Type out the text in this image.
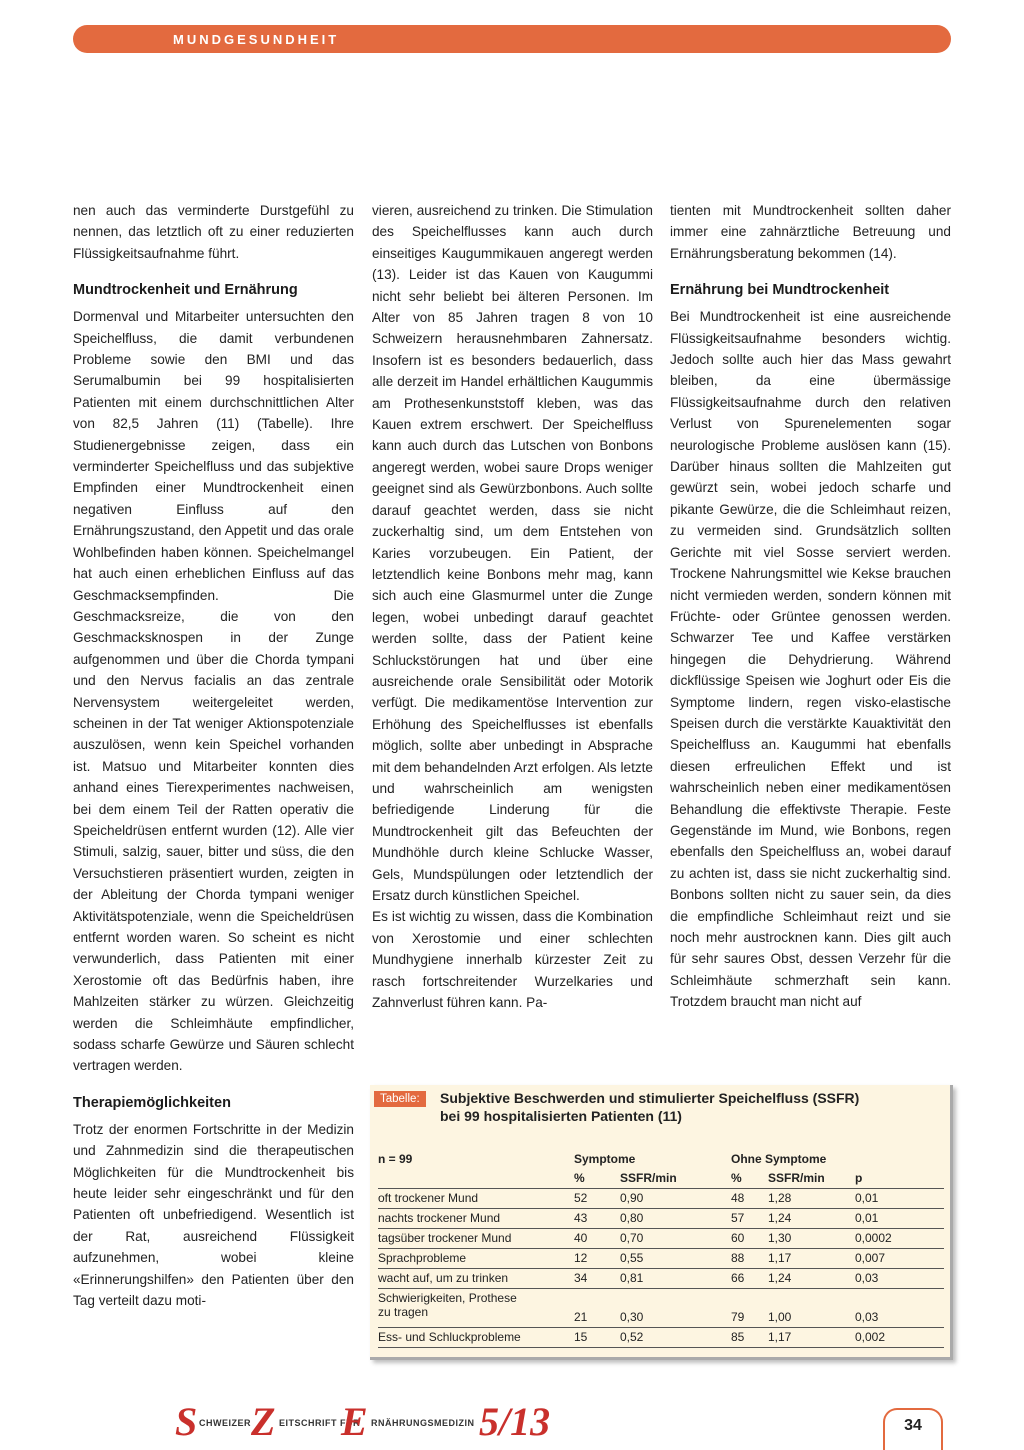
MUNDGESUNDHEIT

nen auch das verminderte Durstgefühl zu nennen, das letztlich oft zu einer reduzierten Flüssigkeitsaufnahme führt.

Mundtrockenheit und Ernährung

Dormenval und Mitarbeiter untersuchten den Speichelfluss, die damit verbundenen Probleme sowie den BMI und das Serumalbumin bei 99 hospitalisierten Patienten mit einem durchschnittlichen Alter von 82,5 Jahren (11) (Tabelle). Ihre Studienergebnisse zeigen, dass ein verminderter Speichelfluss und das subjektive Empfinden einer Mundtrockenheit einen negativen Einfluss auf den Ernährungszustand, den Appetit und das orale Wohlbefinden haben können. Speichelmangel hat auch einen erheblichen Einfluss auf das Geschmacksempfinden. Die Geschmacksreize, die von den Geschmacksknospen in der Zunge aufgenommen und über die Chorda tympani und den Nervus facialis an das zentrale Nervensystem weitergeleitet werden, scheinen in der Tat weniger Aktionspotenziale auszulösen, wenn kein Speichel vorhanden ist. Matsuo und Mitarbeiter konnten dies anhand eines Tierexperimentes nachweisen, bei dem einem Teil der Ratten operativ die Speicheldrüsen entfernt wurden (12). Alle vier Stimuli, salzig, sauer, bitter und süss, die den Versuchstieren präsentiert wurden, zeigten in der Ableitung der Chorda tympani weniger Aktivitätspotenziale, wenn die Speicheldrüsen entfernt worden waren. So scheint es nicht verwunderlich, dass Patienten mit einer Xerostomie oft das Bedürfnis haben, ihre Mahlzeiten stärker zu würzen. Gleichzeitig werden die Schleimhäute empfindlicher, sodass scharfe Gewürze und Säuren schlecht vertragen werden.

Therapiemöglichkeiten

Trotz der enormen Fortschritte in der Medizin und Zahnmedizin sind die therapeutischen Möglichkeiten für die Mundtrockenheit bis heute leider sehr eingeschränkt und für den Patienten oft unbefriedigend. Wesentlich ist der Rat, ausreichend Flüssigkeit aufzunehmen, wobei kleine «Erinnerungshilfen» den Patienten über den Tag verteilt dazu moti-

vieren, ausreichend zu trinken. Die Stimulation des Speichelflusses kann auch durch einseitiges Kaugummikauen angeregt werden (13). Leider ist das Kauen von Kaugummi nicht sehr beliebt bei älteren Personen. Im Alter von 85 Jahren tragen 8 von 10 Schweizern herausnehmbaren Zahnersatz. Insofern ist es besonders bedauerlich, dass alle derzeit im Handel erhältlichen Kaugummis am Prothesenkunststoff kleben, was das Kauen extrem erschwert. Der Speichelfluss kann auch durch das Lutschen von Bonbons angeregt werden, wobei saure Drops weniger geeignet sind als Gewürzbonbons. Auch sollte darauf geachtet werden, dass sie nicht zuckerhaltig sind, um dem Entstehen von Karies vorzubeugen. Ein Patient, der letztendlich keine Bonbons mehr mag, kann sich auch eine Glasmurmel unter die Zunge legen, wobei unbedingt darauf geachtet werden sollte, dass der Patient keine Schluckstörungen hat und über eine ausreichende orale Sensibilität oder Motorik verfügt. Die medikamentöse Intervention zur Erhöhung des Speichelflusses ist ebenfalls möglich, sollte aber unbedingt in Absprache mit dem behandelnden Arzt erfolgen. Als letzte und wahrscheinlich am wenigsten befriedigende Linderung für die Mundtrockenheit gilt das Befeuchten der Mundhöhle durch kleine Schlucke Wasser, Gels, Mundspülungen oder letztendlich der Ersatz durch künstlichen Speichel.

Es ist wichtig zu wissen, dass die Kombination von Xerostomie und einer schlechten Mundhygiene innerhalb kürzester Zeit zu rasch fortschreitender Wurzelkaries und Zahnverlust führen kann. Pa-

tienten mit Mundtrockenheit sollten daher immer eine zahnärztliche Betreuung und Ernährungsberatung bekommen (14).

Ernährung bei Mundtrockenheit

Bei Mundtrockenheit ist eine ausreichende Flüssigkeitsaufnahme besonders wichtig. Jedoch sollte auch hier das Mass gewahrt bleiben, da eine übermässige Flüssigkeitsaufnahme durch den relativen Verlust von Spurenelementen sogar neurologische Probleme auslösen kann (15). Darüber hinaus sollten die Mahlzeiten gut gewürzt sein, wobei jedoch scharfe und pikante Gewürze, die die Schleimhaut reizen, zu vermeiden sind. Grundsätzlich sollten Gerichte mit viel Sosse serviert werden. Trockene Nahrungsmittel wie Kekse brauchen nicht vermieden werden, sondern können mit Früchte- oder Grüntee genossen werden. Schwarzer Tee und Kaffee verstärken hingegen die Dehydrierung. Während dickflüssige Speisen wie Joghurt oder Eis die Symptome lindern, regen visko-elastische Speisen durch die verstärkte Kauaktivität den Speichelfluss an. Kaugummi hat ebenfalls diesen erfreulichen Effekt und ist wahrscheinlich neben einer medikamentösen Behandlung die effektivste Therapie. Feste Gegenstände im Mund, wie Bonbons, regen ebenfalls den Speichelfluss an, wobei darauf zu achten ist, dass sie nicht zuckerhaltig sind. Bonbons sollten nicht zu sauer sein, da dies die empfindliche Schleimhaut reizt und sie noch mehr austrocknen kann. Dies gilt auch für sehr saures Obst, dessen Verzehr für die Schleimhäute schmerzhaft sein kann. Trotzdem braucht man nicht auf

Tabelle:	Subjektive Beschwerden und stimulierter Speichelfluss (SSFR)
bei 99 hospitalisierten Patienten (11)
n = 99	Symptome	Ohne Symptome
%	SSFR/min	% SSFR/min	p
oft trockener Mund	52	0,90	48 1,28	0,01
nachts trockener Mund	43	0,80	57 1,24	0,01
tagsüber trockener Mund	40	0,70	60 1,30	0,0002
Sprachprobleme	12	0,55	88 1,17	0,007
wacht auf, um zu trinken	34	0,81	66 1,24	0,03
Schwierigkeiten, Prothese
zu tragen	21	0,30	79 1,00	0,03
Ess- und Schluckprobleme	15	0,52	85 1,17	0,002
S CHWEIZER Z EITSCHRIFT FÜR
E RNÄHRUNGSMEDIZIN 5/13	34
